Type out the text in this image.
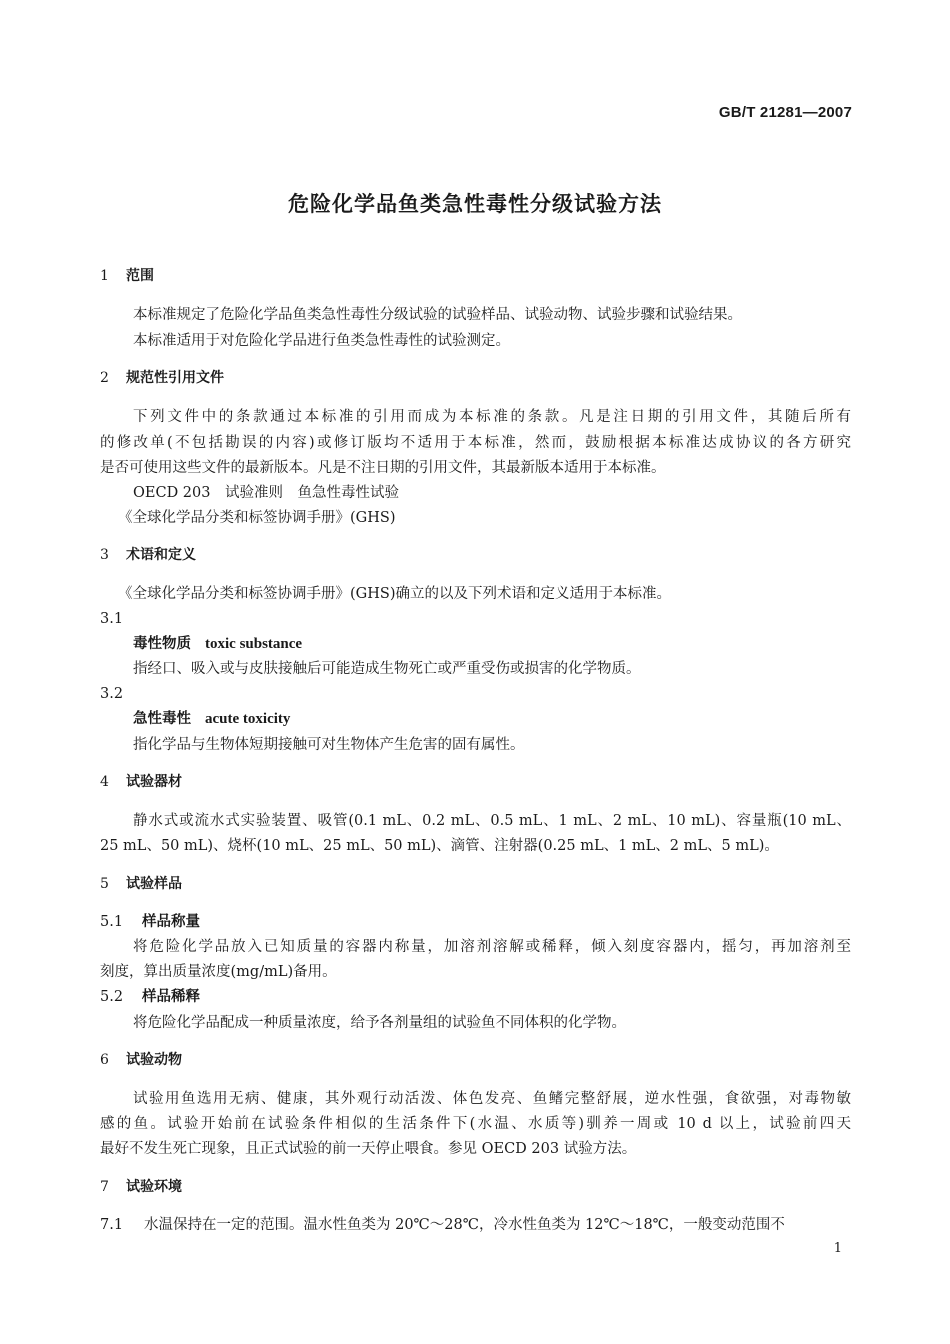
GB/T 21281—2007
危险化学品鱼类急性毒性分级试验方法
1 范围
本标准规定了危险化学品鱼类急性毒性分级试验的试验样品、试验动物、试验步骤和试验结果。
本标准适用于对危险化学品进行鱼类急性毒性的试验测定。
2 规范性引用文件
下列文件中的条款通过本标准的引用而成为本标准的条款。凡是注日期的引用文件，其随后所有
的修改单(不包括勘误的内容)或修订版均不适用于本标准，然而，鼓励根据本标准达成协议的各方研究
是否可使用这些文件的最新版本。凡是不注日期的引用文件，其最新版本适用于本标准。
OECD 203　试验准则　鱼急性毒性试验
《全球化学品分类和标签协调手册》(GHS)
3 术语和定义
《全球化学品分类和标签协调手册》(GHS)确立的以及下列术语和定义适用于本标准。
3.1
毒性物质 toxic substance
指经口、吸入或与皮肤接触后可能造成生物死亡或严重受伤或损害的化学物质。
3.2
急性毒性 acute toxicity
指化学品与生物体短期接触可对生物体产生危害的固有属性。
4 试验器材
静水式或流水式实验装置、吸管(0.1 mL、0.2 mL、0.5 mL、1 mL、2 mL、10 mL)、容量瓶(10 mL、
25 mL、50 mL)、烧杯(10 mL、25 mL、50 mL)、滴管、注射器(0.25 mL、1 mL、2 mL、5 mL)。
5 试验样品
5.1 样品称量
将危险化学品放入已知质量的容器内称量，加溶剂溶解或稀释，倾入刻度容器内，摇匀，再加溶剂至
刻度，算出质量浓度(mg/mL)备用。
5.2 样品稀释
将危险化学品配成一种质量浓度，给予各剂量组的试验鱼不同体积的化学物。
6 试验动物
试验用鱼选用无病、健康，其外观行动活泼、体色发亮、鱼鳍完整舒展，逆水性强，食欲强，对毒物敏
感的鱼。试验开始前在试验条件相似的生活条件下(水温、水质等)驯养一周或 10 d 以上，试验前四天
最好不发生死亡现象，且正式试验的前一天停止喂食。参见 OECD 203 试验方法。
7 试验环境
7.1 水温保持在一定的范围。温水性鱼类为 20℃～28℃，冷水性鱼类为 12℃～18℃，一般变动范围不
1
